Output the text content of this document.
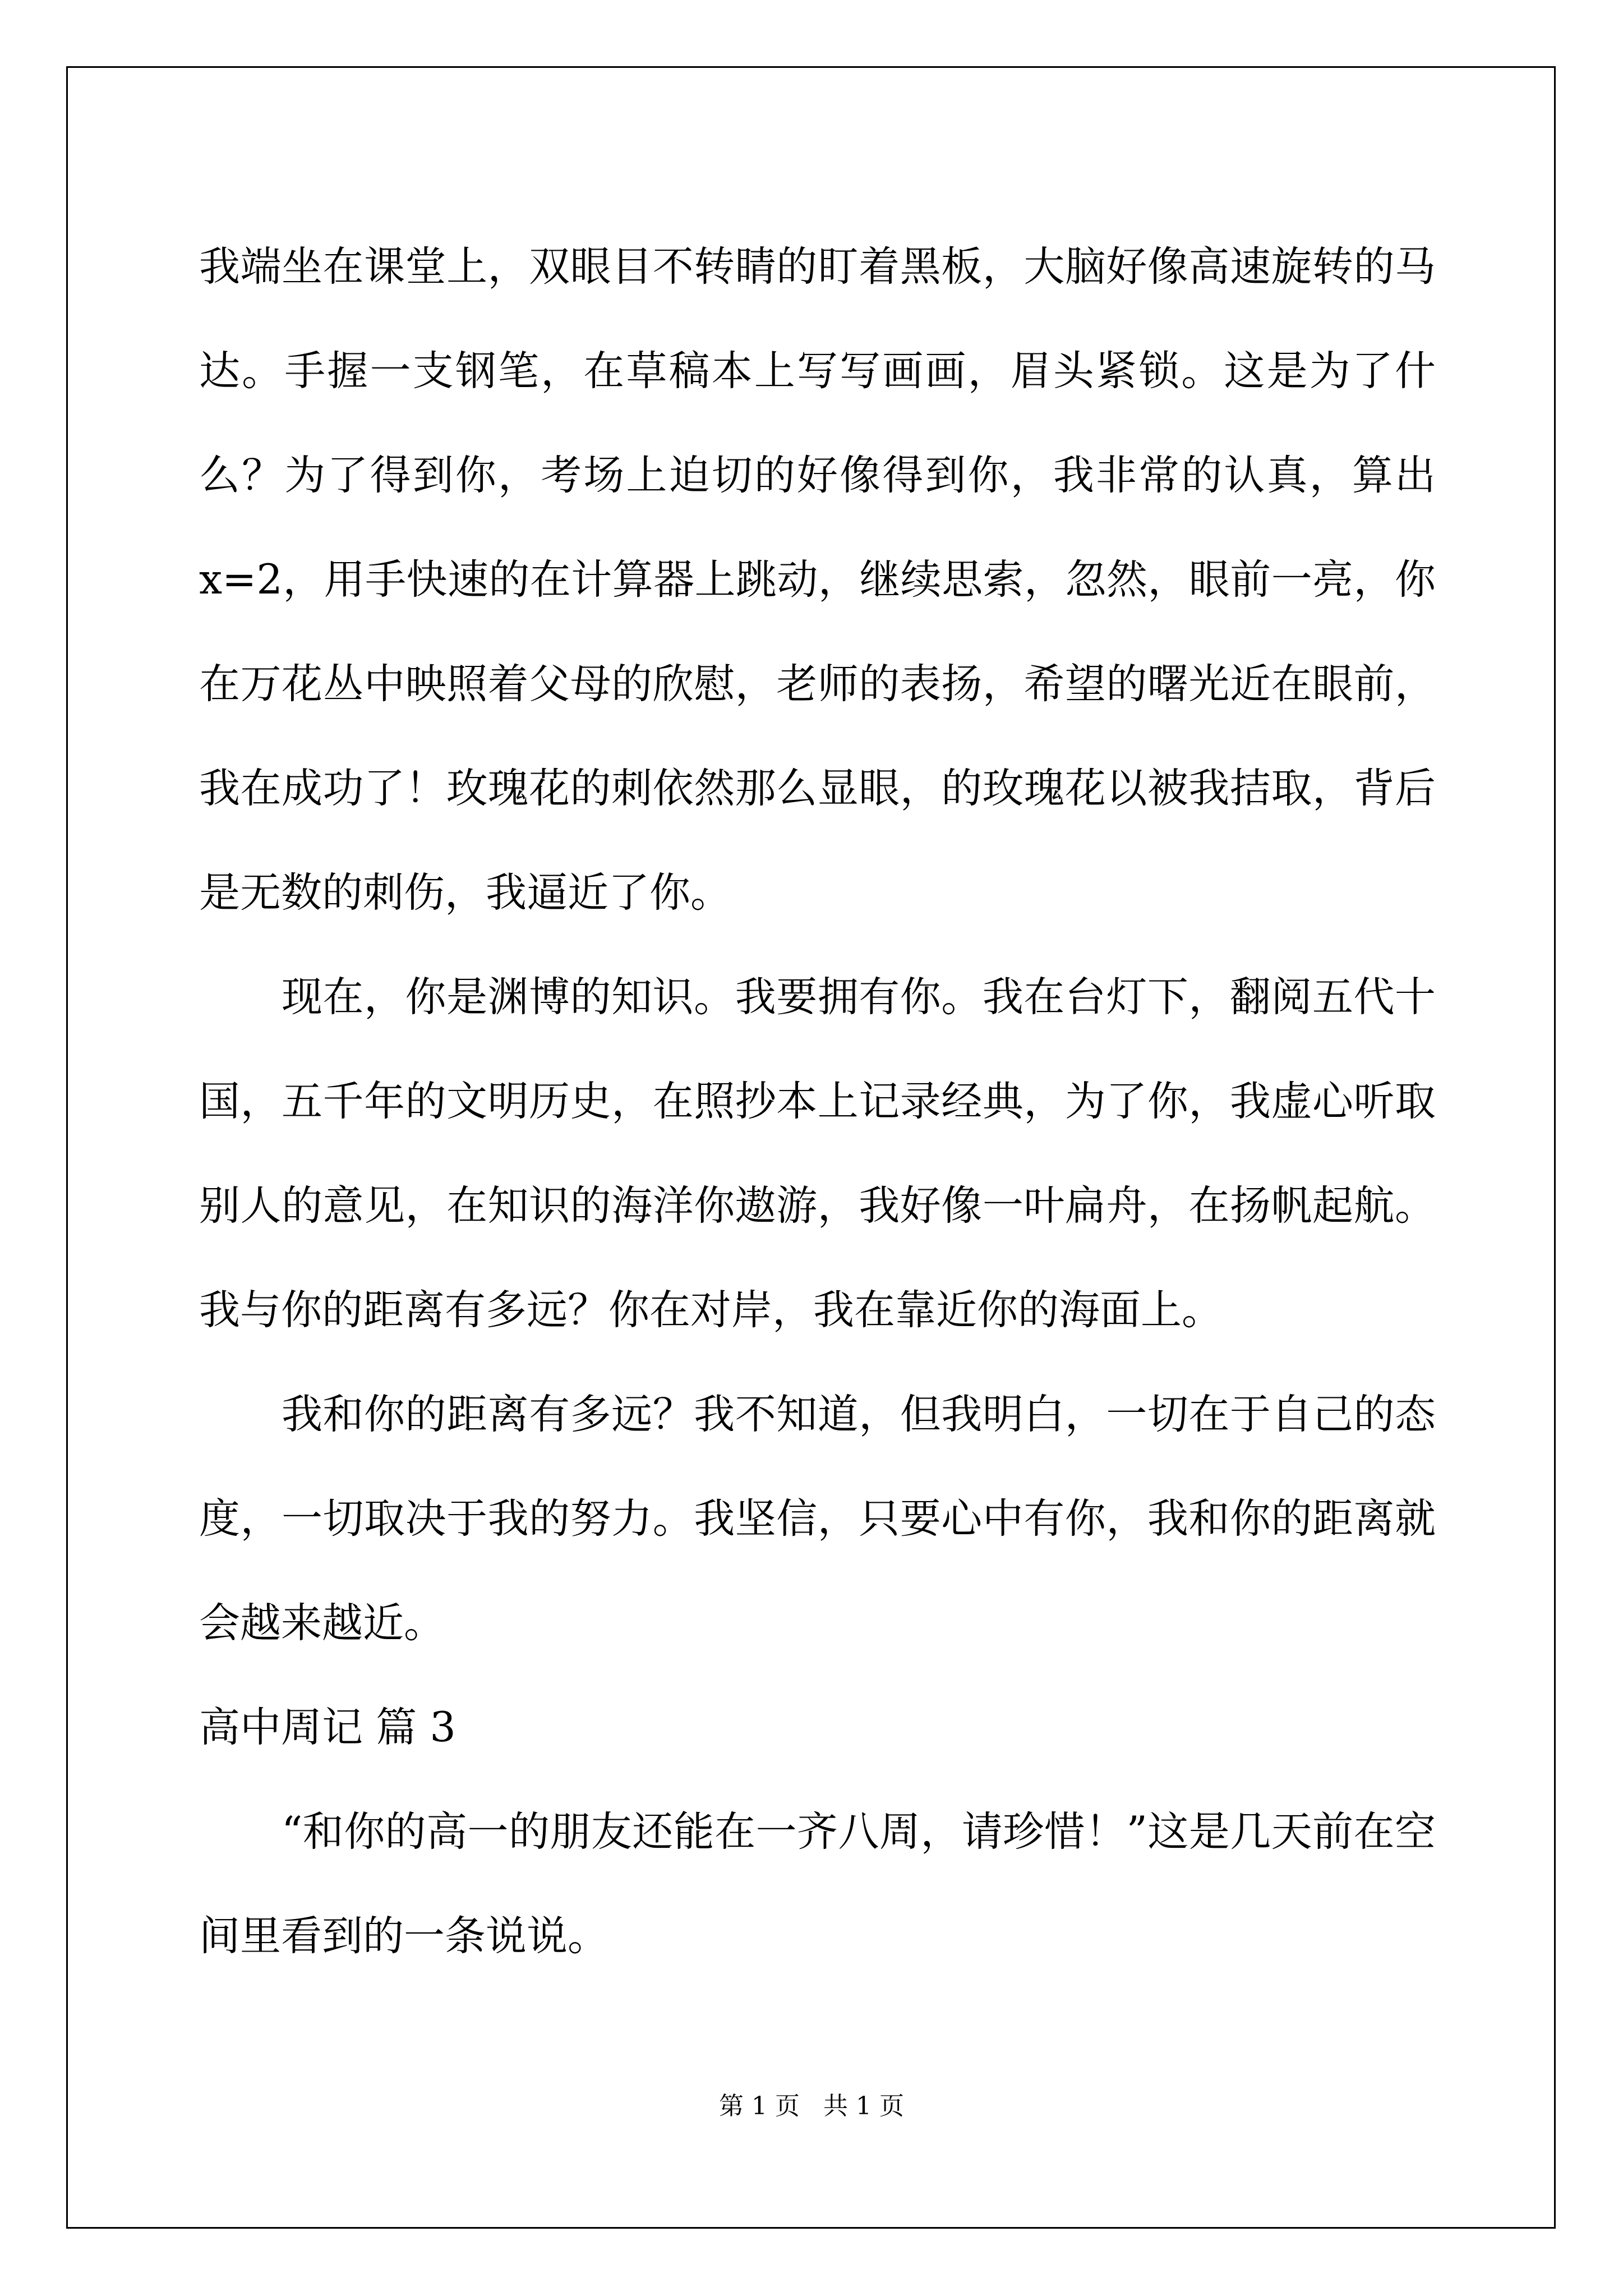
我端坐在课堂上，双眼目不转睛的盯着黑板，大脑好像高速旋转的马达。手握一支钢笔，在草稿本上写写画画，眉头紧锁。这是为了什么？为了得到你，考场上迫切的好像得到你，我非常的认真，算出 x=2，用手快速的在计算器上跳动，继续思索，忽然，眼前一亮，你在万花丛中映照着父母的欣慰，老师的表扬，希望的曙光近在眼前，我在成功了！玫瑰花的刺依然那么显眼，的玫瑰花以被我拮取，背后是无数的刺伤，我逼近了你。

现在，你是渊博的知识。我要拥有你。我在台灯下，翻阅五代十国，五千年的文明历史，在照抄本上记录经典，为了你，我虚心听取别人的意见，在知识的海洋你遨游，我好像一叶扁舟，在扬帆起航。我与你的距离有多远？你在对岸，我在靠近你的海面上。

我和你的距离有多远？我不知道，但我明白，一切在于自己的态度，一切取决于我的努力。我坚信，只要心中有你，我和你的距离就会越来越近。

高中周记 篇 3

“和你的高一的朋友还能在一齐八周，请珍惜！”这是几天前在空间里看到的一条说说。

第 1 页 共 1 页
